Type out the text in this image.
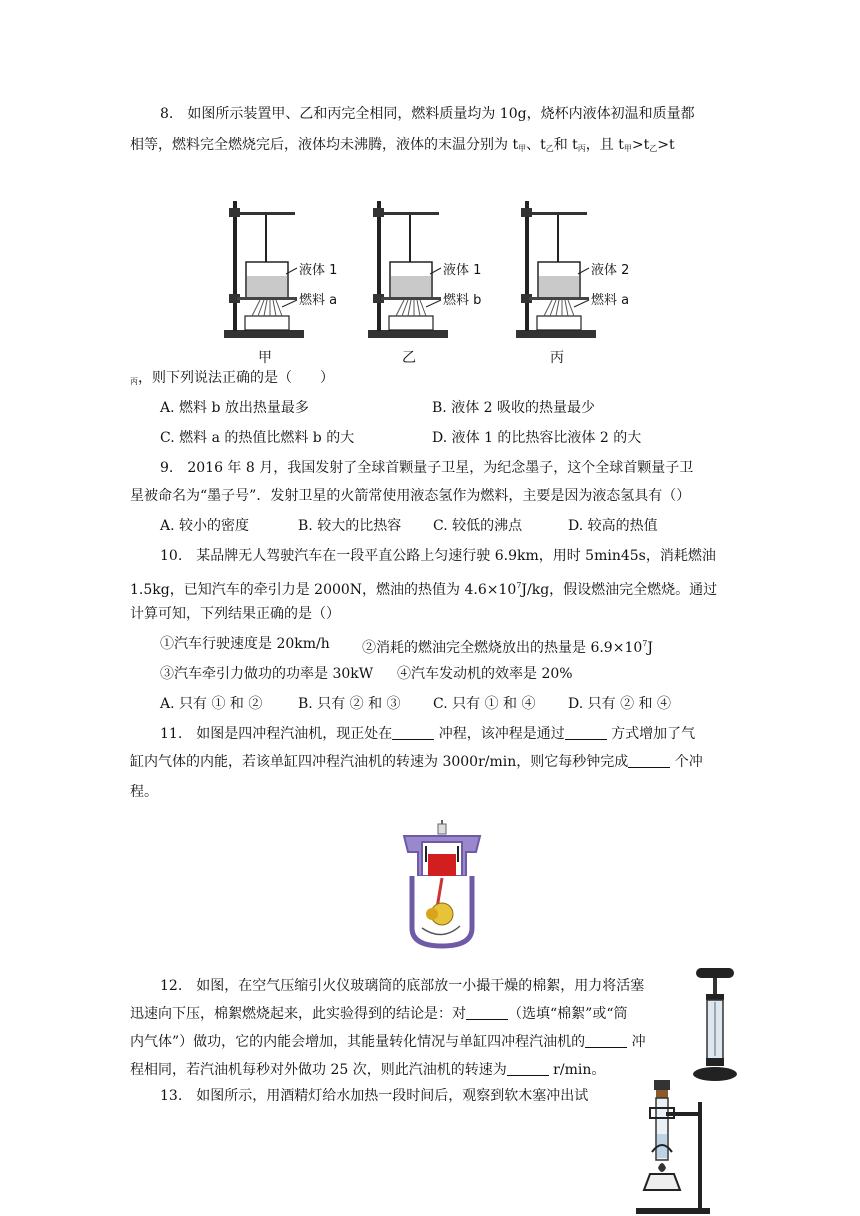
8.　如图所示装置甲、乙和丙完全相同，燃料质量均为 10g，烧杯内液体初温和质量都
相等，燃料完全燃烧完后，液体均未沸腾，液体的末温分别为 $t_甲$、$t_乙$和 $t_丙$，且 $t_甲>t_乙>t$
液体 1
燃料 a
甲
液体 1
燃料 b
乙
液体 2
燃料 a
丙
$_丙$，则下列说法正确的是（　　）
A. 燃料 b 放出热量最多	B. 液体 2 吸收的热量最少
C. 燃料 a 的热值比燃料 b 的大	D. 液体 1 的比热容比液体 2 的大
9.　2016 年 8 月，我国发射了全球首颗量子卫星，为纪念墨子，这个全球首颗量子卫
星被命名为“墨子号”．发射卫星的火箭常使用液态氢作为燃料，主要是因为液态氢具有（）
A. 较小的密度	B. 较大的比热容 C. 较低的沸点	D. 较高的热值
10.　某品牌无人驾驶汽车在一段平直公路上匀速行驶 6.9km，用时 5min45s，消耗燃油
1.5kg，已知汽车的牵引力是 2000N，燃油的热值为 $4.6\times 10^7J/kg$，假设燃油完全燃烧。通过
计算可知，下列结果正确的是（）
①汽车行驶速度是 20km/h ②消耗的燃油完全燃烧放出的热量是 $6.9\times 10^7J$
③汽车牵引力做功的功率是 30kW ④汽车发动机的效率是 20%
A. 只有 ① 和 ②	B. 只有 ② 和 ③ C. 只有 ① 和 ④ D. 只有 ② 和 ④
11.　如图是四冲程汽油机，现正处在	冲程，该冲程是通过	方式增加了气
缸内气体的内能，若该单缸四冲程汽油机的转速为 3000r/min，则它每秒钟完成	个冲
程。
12.　如图，在空气压缩引火仪玻璃筒的底部放一小撮干燥的棉絮，用力将活塞
迅速向下压，棉絮燃烧起来，此实验得到的结论是：对	（选填“棉絮”或“筒
内气体”）做功，它的内能会增加，其能量转化情况与单缸四冲程汽油机的	冲
程相同，若汽油机每秒对外做功 25 次，则此汽油机的转速为	r/min。
13.　如图所示，用酒精灯给水加热一段时间后，观察到软木塞冲出试
